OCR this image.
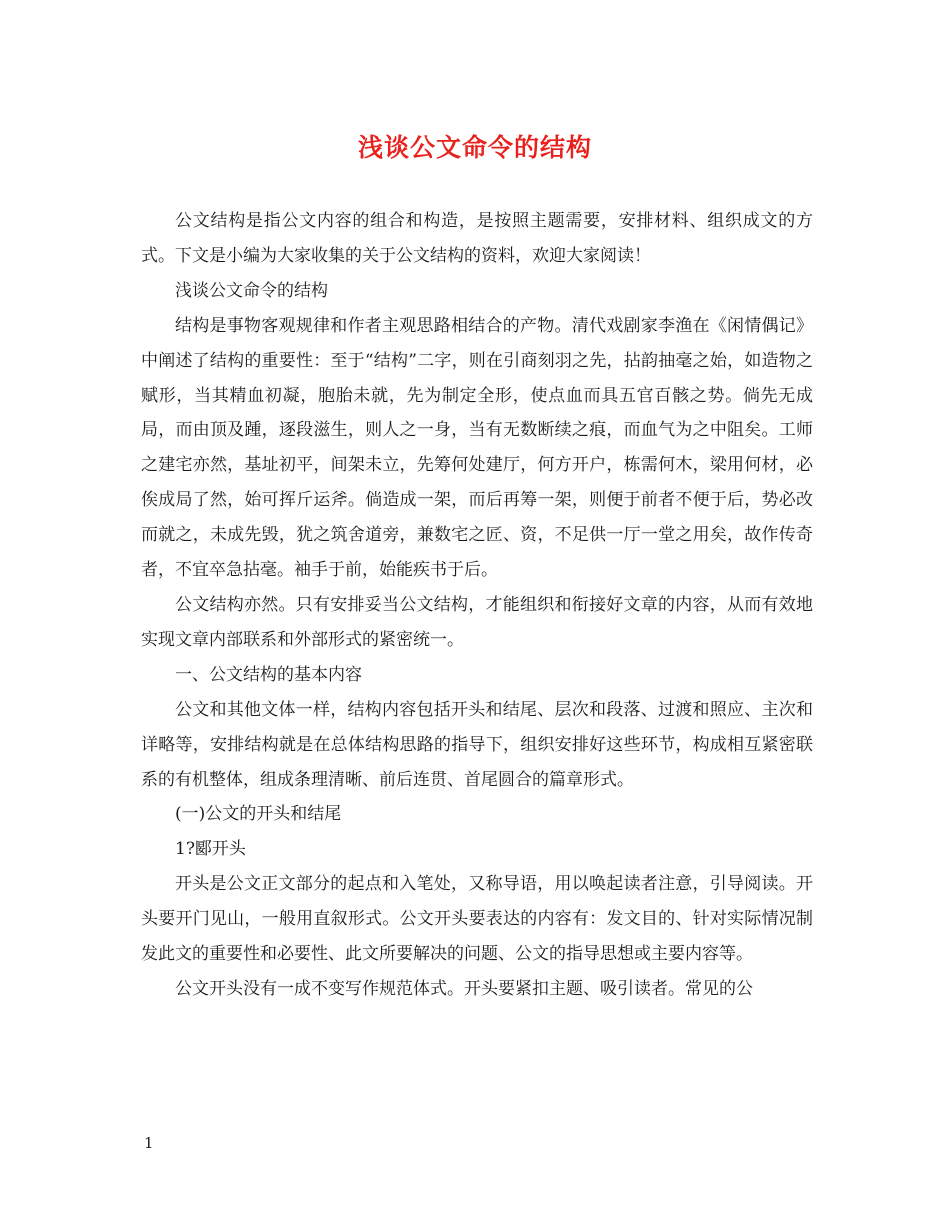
浅谈公文命令的结构

公文结构是指公文内容的组合和构造，是按照主题需要，安排材料、组织成文的方式。下文是小编为大家收集的关于公文结构的资料，欢迎大家阅读！

浅谈公文命令的结构

结构是事物客观规律和作者主观思路相结合的产物。清代戏剧家李渔在《闲情偶记》中阐述了结构的重要性：至于“结构”二字，则在引商刻羽之先，拈韵抽毫之始，如造物之赋形，当其精血初凝，胞胎未就，先为制定全形，使点血而具五官百骸之势。倘先无成局，而由顶及踵，逐段滋生，则人之一身，当有无数断续之痕，而血气为之中阻矣。工师之建宅亦然，基址初平，间架未立，先筹何处建厅，何方开户，栋需何木，梁用何材，必俟成局了然，始可挥斤运斧。倘造成一架，而后再筹一架，则便于前者不便于后，势必改而就之，未成先毁，犹之筑舍道旁，兼数宅之匠、资，不足供一厅一堂之用矣，故作传奇者，不宜卒急拈毫。袖手于前，始能疾书于后。

公文结构亦然。只有安排妥当公文结构，才能组织和衔接好文章的内容，从而有效地实现文章内部联系和外部形式的紧密统一。

一、公文结构的基本内容

公文和其他文体一样，结构内容包括开头和结尾、层次和段落、过渡和照应、主次和详略等，安排结构就是在总体结构思路的指导下，组织安排好这些环节，构成相互紧密联系的有机整体，组成条理清晰、前后连贯、首尾圆合的篇章形式。

(一)公文的开头和结尾

1?郾开头

开头是公文正文部分的起点和入笔处，又称导语，用以唤起读者注意，引导阅读。开头要开门见山，一般用直叙形式。公文开头要表达的内容有：发文目的、针对实际情况制发此文的重要性和必要性、此文所要解决的问题、公文的指导思想或主要内容等。

公文开头没有一成不变写作规范体式。开头要紧扣主题、吸引读者。常见的公

1
